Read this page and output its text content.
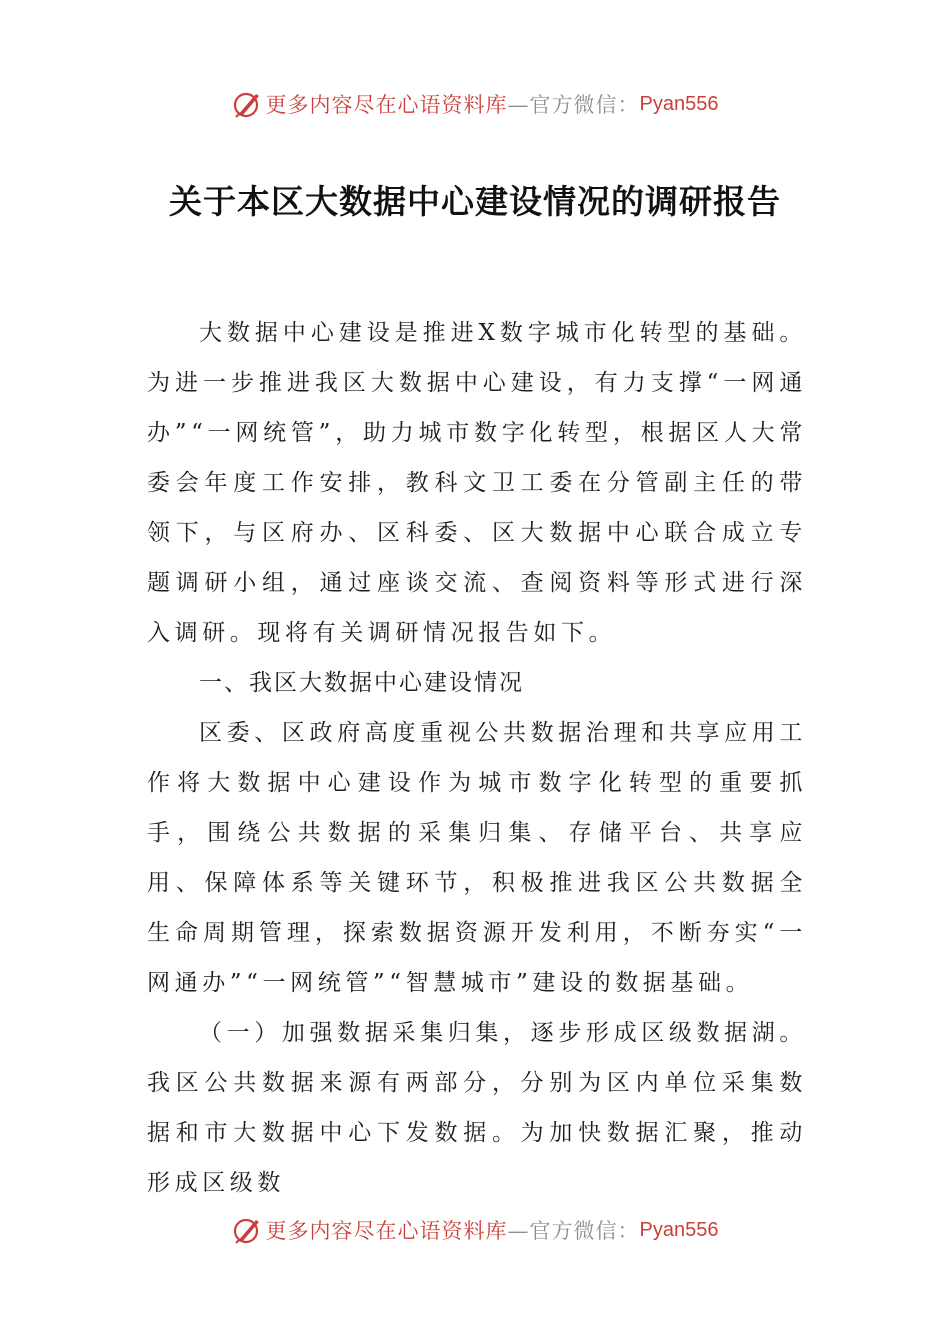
更多内容尽在心语资料库 —官方微信： Pyan556
关于本区大数据中心建设情况的调研报告

大数据中心建设是推进X数字城市化转型的基础。为进一步推进我区大数据中心建设，有力支撑“一网通办”“一网统管”，助力城市数字化转型，根据区人大常委会年度工作安排，教科文卫工委在分管副主任的带领下，与区府办、区科委、区大数据中心联合成立专题调研小组，通过座谈交流、查阅资料等形式进行深入调研。现将有关调研情况报告如下。

一、我区大数据中心建设情况

区委、区政府高度重视公共数据治理和共享应用工作将大数据中心建设作为城市数字化转型的重要抓手，围绕公共数据的采集归集、存储平台、共享应用、保障体系等关键环节，积极推进我区公共数据全生命周期管理，探索数据资源开发利用，不断夯实“一网通办”“一网统管”“智慧城市”建设的数据基础。

（一）加强数据采集归集，逐步形成区级数据湖。我区公共数据来源有两部分，分别为区内单位采集数据和市大数据中心下发数据。为加快数据汇聚，推动形成区级数

更多内容尽在心语资料库 —官方微信： Pyan556
